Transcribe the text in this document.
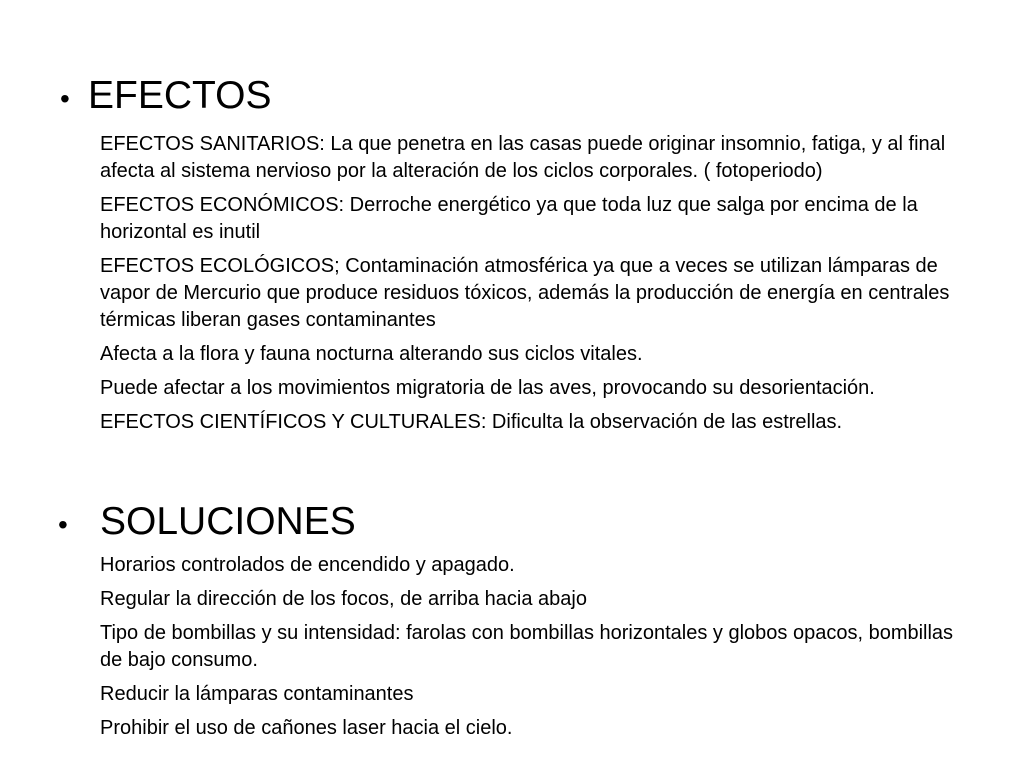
• EFECTOS

EFECTOS SANITARIOS: La que penetra en las casas puede originar insomnio, fatiga, y al final afecta al sistema nervioso por la alteración de los ciclos corporales. ( fotoperiodo)

EFECTOS ECONÓMICOS: Derroche energético ya que toda luz que salga por encima de la horizontal es inutil

EFECTOS ECOLÓGICOS; Contaminación atmosférica ya que a veces se utilizan lámparas de vapor de Mercurio que produce residuos tóxicos, además la producción de energía en centrales térmicas liberan gases contaminantes

Afecta a la flora y fauna nocturna alterando sus ciclos vitales.

Puede afectar a los movimientos migratoria de las aves, provocando su desorientación.

EFECTOS CIENTÍFICOS Y CULTURALES: Dificulta la observación de las estrellas.

• SOLUCIONES

Horarios controlados de encendido y apagado.

Regular la dirección de los focos, de arriba hacia abajo

Tipo de bombillas y su intensidad: farolas con bombillas horizontales y globos opacos, bombillas de bajo consumo.

Reducir la lámparas contaminantes

Prohibir el uso de cañones laser hacia el cielo.
